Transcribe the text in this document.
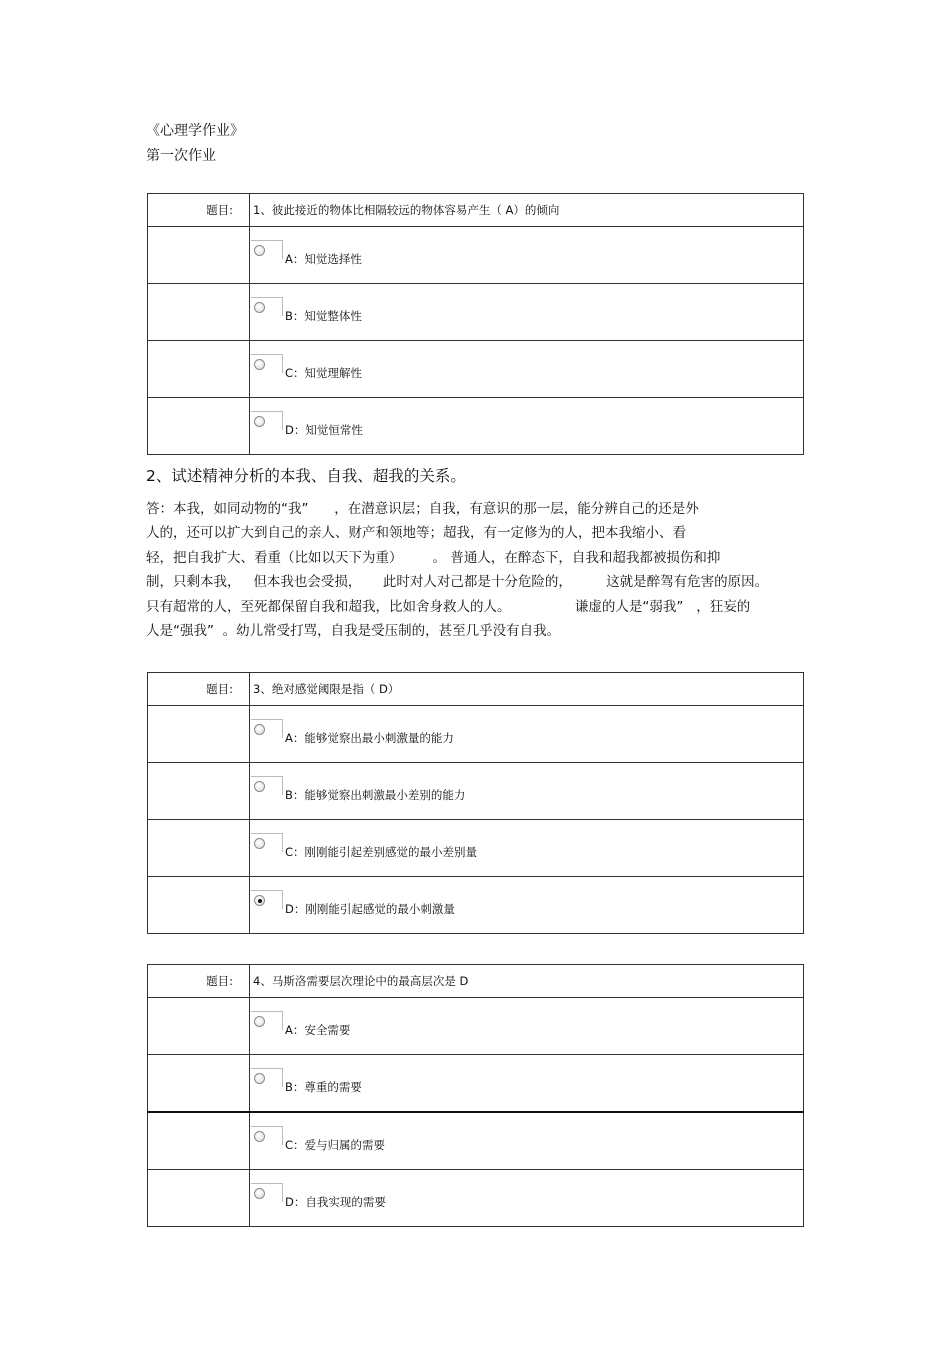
《心理学作业》
第一次作业
题目:	1、彼此接近的物体比相隔较远的物体容易产生（ A）的倾向

	A：知觉选择性

	B：知觉整体性

	C：知觉理解性

	D：知觉恒常性
2、试述精神分析的本我、自我、超我的关系。
答：本我，如同动物的“我”      ，在潜意识层；自我，有意识的那一层，能分辨自己的还是外
人的，还可以扩大到自己的亲人、财产和领地等；超我，有一定修为的人，把本我缩小、看
轻，把自我扩大、看重（比如以天下为重）       。 普通人，在醉态下，自我和超我都被损伤和抑
制，只剩本我，   但本我也会受损，     此时对人对己都是十分危险的，        这就是醉驾有危害的原因。
只有超常的人，至死都保留自我和超我，比如舍身救人的人。               谦虚的人是“弱我”   ，狂妄的
人是“强我”  。幼儿常受打骂，自我是受压制的，甚至几乎没有自我。
题目:	3、绝对感觉阈限是指（ D）

	A：能够觉察出最小刺激量的能力

	B：能够觉察出刺激最小差别的能力

	C：刚刚能引起差别感觉的最小差别量

	D：刚刚能引起感觉的最小刺激量
题目:	4、马斯洛需要层次理论中的最高层次是 D

	A：安全需要

	B：尊重的需要

	C：爱与归属的需要

	D：自我实现的需要
